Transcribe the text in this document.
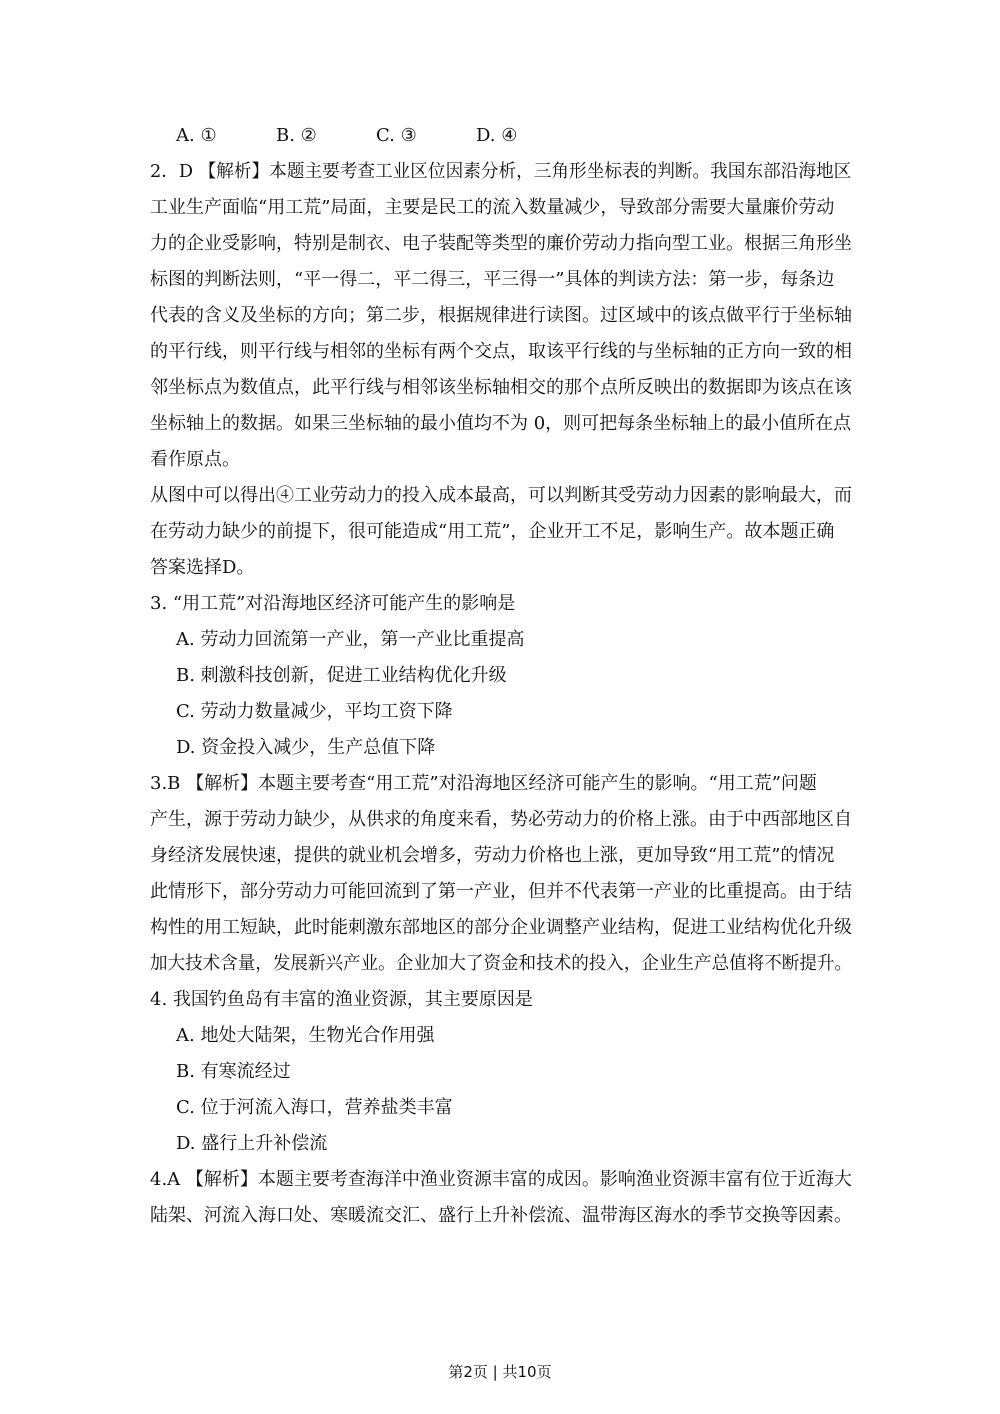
A. ①	B. ②	C. ③	D. ④
2．D 【解析】本题主要考查工业区位因素分析，三角形坐标表的判断。我国东部沿海地区
工业生产面临“用工荒”局面，主要是民工的流入数量减少，导致部分需要大量廉价劳动
力的企业受影响，特别是制衣、电子装配等类型的廉价劳动力指向型工业。根据三角形坐
标图的判断法则，“平一得二，平二得三，平三得一”具体的判读方法：第一步，每条边
代表的含义及坐标的方向；第二步，根据规律进行读图。过区域中的该点做平行于坐标轴
的平行线，则平行线与相邻的坐标有两个交点，取该平行线的与坐标轴的正方向一致的相
邻坐标点为数值点，此平行线与相邻该坐标轴相交的那个点所反映出的数据即为该点在该
坐标轴上的数据。如果三坐标轴的最小值均不为 0，则可把每条坐标轴上的最小值所在点
看作原点。
从图中可以得出④工业劳动力的投入成本最高，可以判断其受劳动力因素的影响最大，而
在劳动力缺少的前提下，很可能造成“用工荒”，企业开工不足，影响生产。故本题正确
答案选择D。
3. “用工荒”对沿海地区经济可能产生的影响是
A. 劳动力回流第一产业，第一产业比重提高
B. 刺激科技创新，促进工业结构优化升级
C. 劳动力数量减少，平均工资下降
D. 资金投入减少，生产总值下降
3.B 【解析】本题主要考查“用工荒”对沿海地区经济可能产生的影响。“用工荒”问题
产生，源于劳动力缺少，从供求的角度来看，势必劳动力的价格上涨。由于中西部地区自
身经济发展快速，提供的就业机会增多，劳动力价格也上涨，更加导致“用工荒”的情况
此情形下，部分劳动力可能回流到了第一产业，但并不代表第一产业的比重提高。由于结
构性的用工短缺，此时能刺激东部地区的部分企业调整产业结构，促进工业结构优化升级
加大技术含量，发展新兴产业。企业加大了资金和技术的投入，企业生产总值将不断提升。
4. 我国钓鱼岛有丰富的渔业资源，其主要原因是
A. 地处大陆架，生物光合作用强
B. 有寒流经过
C. 位于河流入海口，营养盐类丰富
D. 盛行上升补偿流
4.A 【解析】本题主要考查海洋中渔业资源丰富的成因。影响渔业资源丰富有位于近海大
陆架、河流入海口处、寒暖流交汇、盛行上升补偿流、温带海区海水的季节交换等因素。
第2页 | 共10页
